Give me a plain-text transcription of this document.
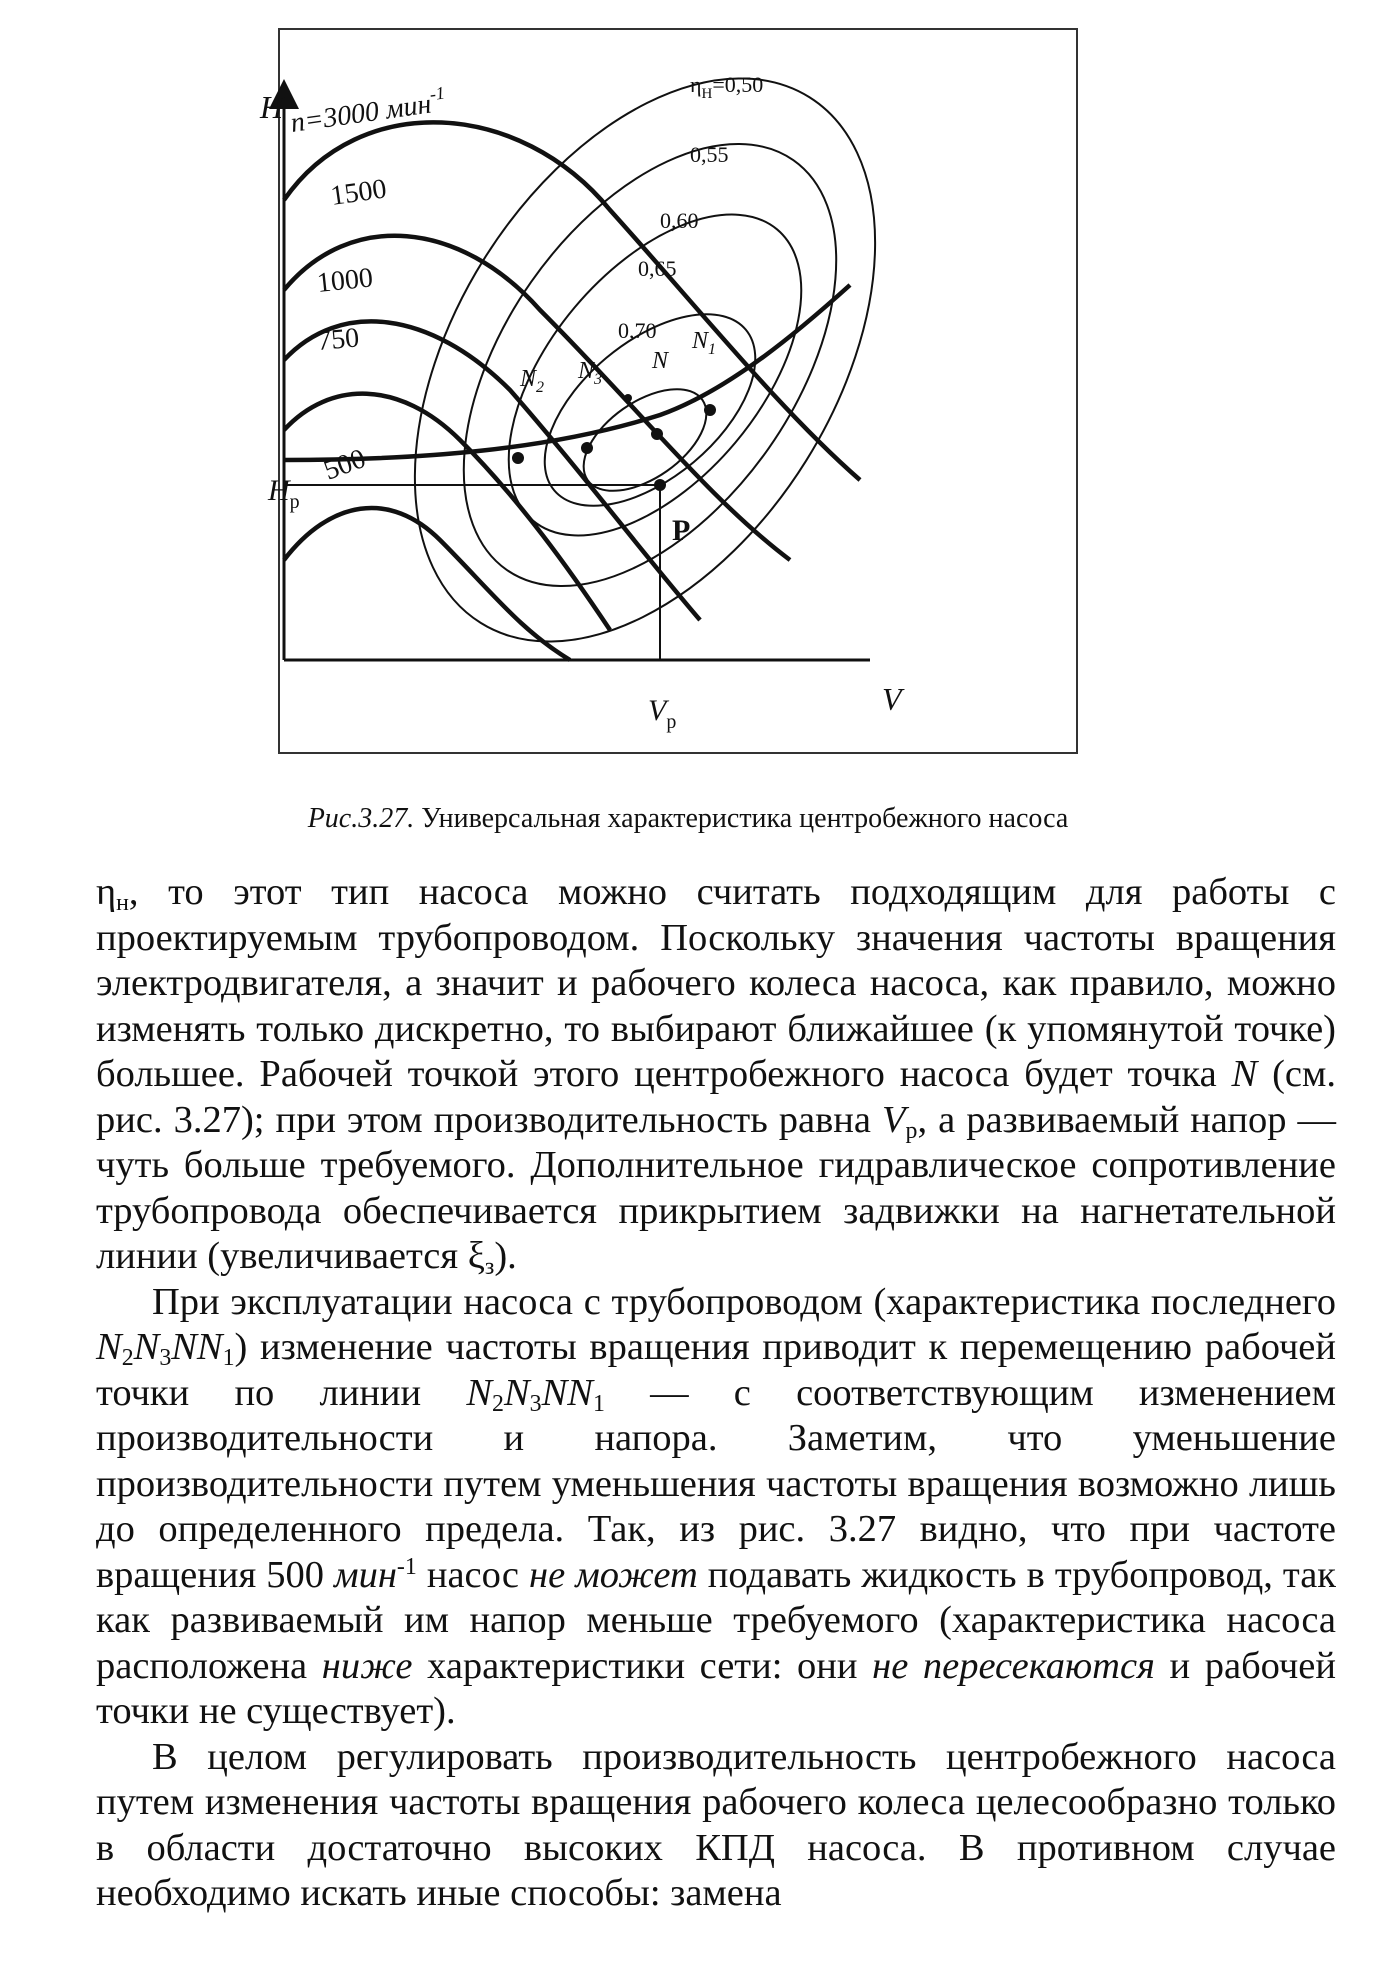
H
V
n=3000 мин$^{-1}$
1500
1000
750
500
$\eta_Н=0,50$
0,55
0,60
0,65
0,70 $N_1$
$N_2$
$N_3$
N
P
$H_р$
$V_р$
Рис.3.27. Универсальная характеристика центробежного насоса

$\eta_н$, то этот тип насоса можно считать подходящим для работы с проектируемым трубопроводом. Поскольку значения частоты вращения электродвигателя, а значит и рабочего колеса насоса, как правило, можно изменять только дискретно, то выбирают ближайшее (к упомянутой точке) большее. Рабочей точкой этого центробежного насоса будет точка N (см. рис. 3.27); при этом производительность равна $V_р$, а развиваемый напор — чуть больше требуемого. Дополнительное гидравлическое сопротивление трубопровода обеспечивается прикрытием задвижки на нагнетательной линии (увеличивается $\xi_з$).

При эксплуатации насоса с трубопроводом (характеристика последнего $N_2N_3NN_1$) изменение частоты вращения приводит к перемещению рабочей точки по линии $N_2N_3NN_1$ — с соответствующим изменением производительности и напора. Заметим, что уменьшение производительности путем уменьшения частоты вращения возможно лишь до определенного предела. Так, из рис. 3.27 видно, что при частоте вращения 500 мин$^{-1}$ насос не может подавать жидкость в трубопровод, так как развиваемый им напор меньше требуемого (характеристика насоса расположена ниже характеристики сети: они не пересекаются и рабочей точки не существует).

В целом регулировать производительность центробежного насоса путем изменения частоты вращения рабочего колеса целесообразно только в области достаточно высоких КПД насоса. В противном случае необходимо искать иные способы: замена
